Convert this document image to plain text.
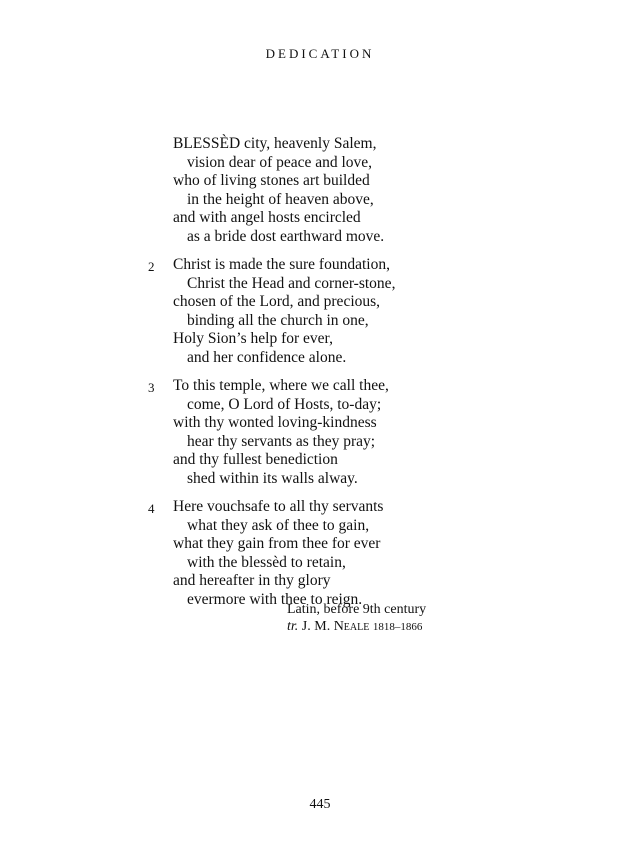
DEDICATION
BLESSÈD city, heavenly Salem,
vision dear of peace and love,
who of living stones art builded
in the height of heaven above,
and with angel hosts encircled
as a bride dost earthward move.
2	Christ is made the sure foundation,
Christ the Head and corner-stone,
chosen of the Lord, and precious,
binding all the church in one,
Holy Sion’s help for ever,
and her confidence alone.
3	To this temple, where we call thee,
come, O Lord of Hosts, to-day;
with thy wonted loving-kindness
hear thy servants as they pray;
and thy fullest benediction
shed within its walls alway.
4	Here vouchsafe to all thy servants
what they ask of thee to gain,
what they gain from thee for ever
with the blessèd to retain,
and hereafter in thy glory
evermore with thee to reign.
Latin, before 9th century
tr. J. M. Neale 1818–1866
445
